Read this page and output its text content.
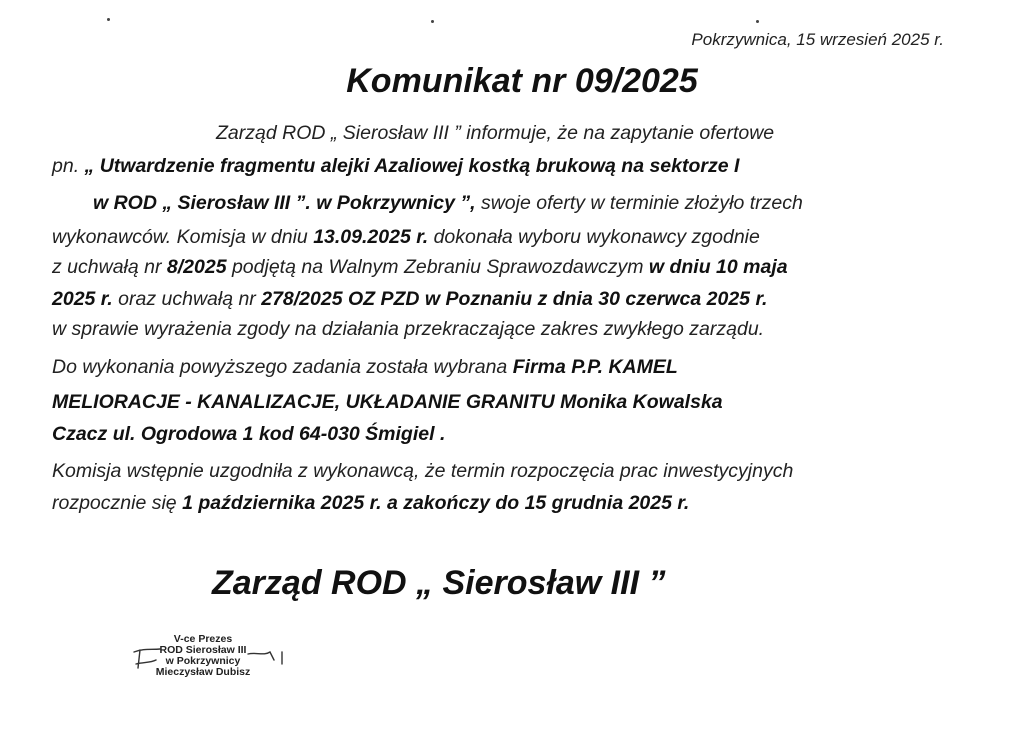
Pokrzywnica, 15 wrzesień 2025 r.
Komunikat nr 09/2025
Zarząd ROD „ Sierosław III ” informuje, że na zapytanie ofertowe
pn. „ Utwardzenie fragmentu alejki Azaliowej kostką brukową na sektorze I
w ROD „ Sierosław III ”. w Pokrzywnicy ”, swoje oferty w terminie złożyło trzech
wykonawców. Komisja w dniu 13.09.2025 r. dokonała wyboru wykonawcy zgodnie
z uchwałą nr 8/2025 podjętą na Walnym Zebraniu Sprawozdawczym w dniu 10 maja
2025 r. oraz uchwałą nr 278/2025 OZ PZD w Poznaniu z dnia 30 czerwca 2025 r.
w sprawie wyrażenia zgody na działania przekraczające zakres zwykłego zarządu.
Do wykonania powyższego zadania została wybrana Firma P.P. KAMEL
MELIORACJE - KANALIZACJE, UKŁADANIE GRANITU Monika Kowalska
Czacz ul. Ogrodowa 1 kod 64-030 Śmigiel .
Komisja wstępnie uzgodniła z wykonawcą, że termin rozpoczęcia prac inwestycyjnych
rozpocznie się 1 października 2025 r. a zakończy do 15 grudnia 2025 r.
Zarząd ROD „ Sierosław III ”
V-ce Prezes
ROD Sierosław III
w Pokrzywnicy
Mieczysław Dubisz
